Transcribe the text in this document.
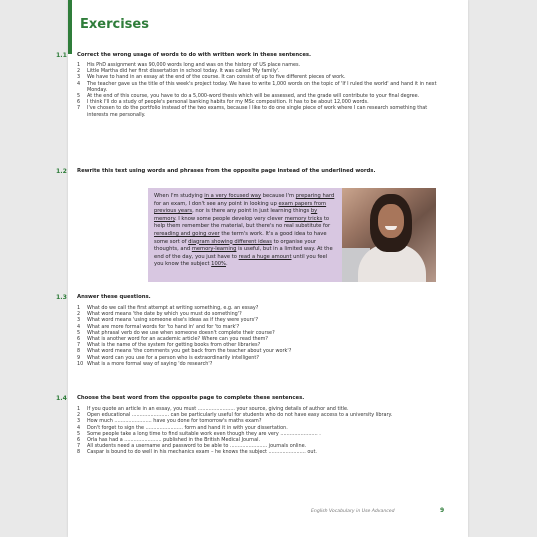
Exercises
1.1 Correct the wrong usage of words to do with written work in these sentences.

1 His PhD assignment was 90,000 words long and was on the history of US place names.

2 Little Martha did her first dissertation in school today. It was called 'My family'.

3 We have to hand in an essay at the end of the course. It can consist of up to five different pieces of work.

4 The teacher gave us the title of this week's project today. We have to write 1,000 words on the topic of 'If I ruled the world' and hand it in next Monday.

5 At the end of this course, you have to do a 5,000-word thesis which will be assessed, and the grade will contribute to your final degree.

6 I think I'll do a study of people's personal banking habits for my MSc composition. It has to be about 12,000 words.

7 I've chosen to do the portfolio instead of the two exams, because I like to do one single piece of work where I can research something that interests me personally.

1.2 Rewrite this text using words and phrases from the opposite page instead of the underlined words.
When I'm studying in a very focused way because I'm preparing hard for an exam, I don't see any point in looking up exam papers from previous years, nor is there any point in just learning things by memory. I know some people develop very clever memory tricks to help them remember the material, but there's no real substitute for rereading and going over the term's work. It's a good idea to have some sort of diagram showing different ideas to organise your thoughts, and memory-learning is useful, but in a limited way. At the end of the day, you just have to read a huge amount until you feel you know the subject 100%.
1.3 Answer these questions.

1 What do we call the first attempt at writing something, e.g. an essay?

2 What word means 'the date by which you must do something'?

3 What word means 'using someone else's ideas as if they were yours'?

4 What are more formal words for 'to hand in' and for 'to mark'?

5 What phrasal verb do we use when someone doesn't complete their course?

6 What is another word for an academic article? Where can you read them?

7 What is the name of the system for getting books from other libraries?

8 What word means 'the comments you get back from the teacher about your work'?

9 What word can you use for a person who is extraordinarily intelligent?

10 What is a more formal way of saying 'do research'?

1.4 Choose the best word from the opposite page to complete these sentences.

1 If you quote an article in an essay, you must ........................ your source, giving details of author and title.

2 Open educational ........................ can be particularly useful for students who do not have easy access to a university library.

3 How much ........................ have you done for tomorrow's maths exam?

4 Don't forget to sign the ........................ form and hand it in with your dissertation.

5 Some people take a long time to find suitable work even though they are very ........................ .

6 Orla has had a ........................ published in the British Medical Journal.

7 All students need a username and password to be able to ........................ journals online.

8 Caspar is bound to do well in his mechanics exam – he knows the subject ........................ out.

English Vocabulary in Use Advanced	9
